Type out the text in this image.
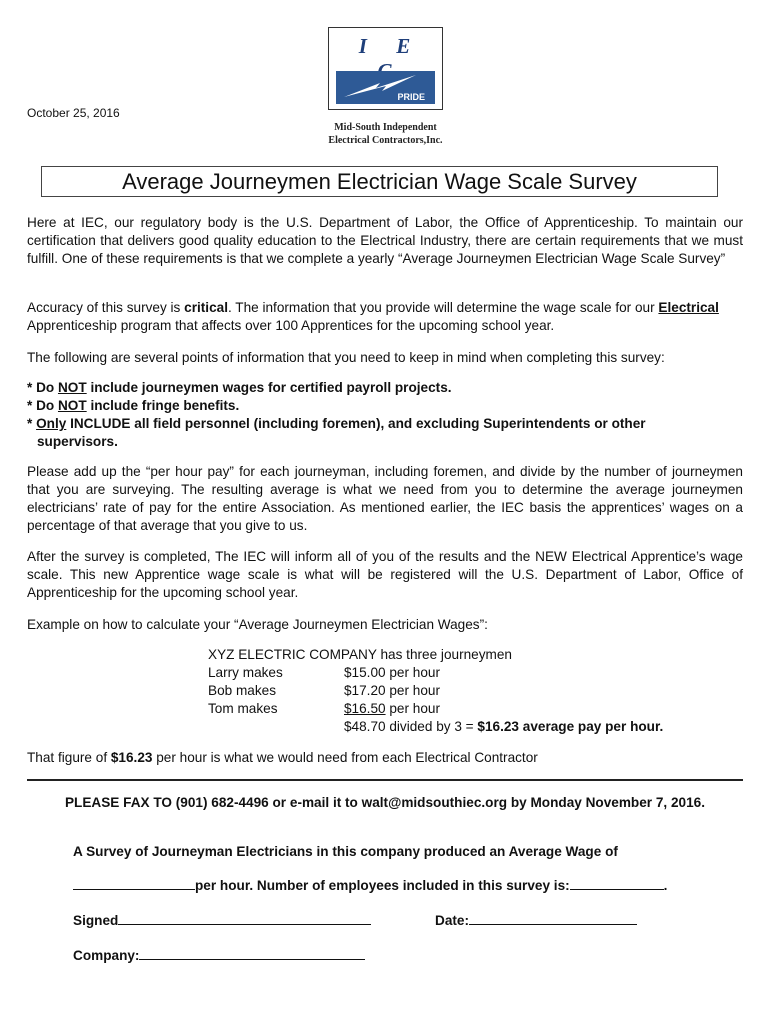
October 25, 2016
I E
PRIDE
Mid-South Independent
Electrical Contractors,Inc.
Average Journeymen Electrician Wage Scale Survey

Here at IEC, our regulatory body is the U.S. Department of Labor, the Office of Apprenticeship. To maintain our certification that delivers good quality education to the Electrical Industry, there are certain requirements that we must fulfill. One of these requirements is that we complete a yearly “Average Journeymen Electrician Wage Scale Survey”

Accuracy of this survey is critical. The information that you provide will determine the wage scale for our Electrical Apprenticeship program that affects over 100 Apprentices for the upcoming school year.

The following are several points of information that you need to keep in mind when completing this survey:

* Do NOT include journeymen wages for certified payroll projects.
* Do NOT include fringe benefits.
* Only INCLUDE all field personnel (including foremen), and excluding Superintendents or other
supervisors.

Please add up the “per hour pay” for each journeyman, including foremen, and divide by the number of journeymen that you are surveying. The resulting average is what we need from you to determine the average journeymen electricians’ rate of pay for the entire Association. As mentioned earlier, the IEC basis the apprentices’ wages on a percentage of that average that you give to us.

After the survey is completed, The IEC will inform all of you of the results and the NEW Electrical Apprentice’s wage scale. This new Apprentice wage scale is what will be registered will the U.S. Department of Labor, Office of Apprenticeship for the upcoming school year.

Example on how to calculate your “Average Journeymen Electrician Wages”:

XYZ ELECTRIC COMPANY has three journeymen
Larry makes	$15.00 per hour
Bob makes	$17.20 per hour
Tom makes	$16.50 per hour
$48.70 divided by 3 = $16.23 average pay per hour.

That figure of $16.23 per hour is what we would need from each Electrical Contractor

PLEASE FAX TO (901) 682-4496 or e-mail it to walt@midsouthiec.org by Monday November 7, 2016.
A Survey of Journeyman Electricians in this company produced an Average Wage of
per hour. Number of employees included in this survey is:	.
Signed	Date:
Company:
